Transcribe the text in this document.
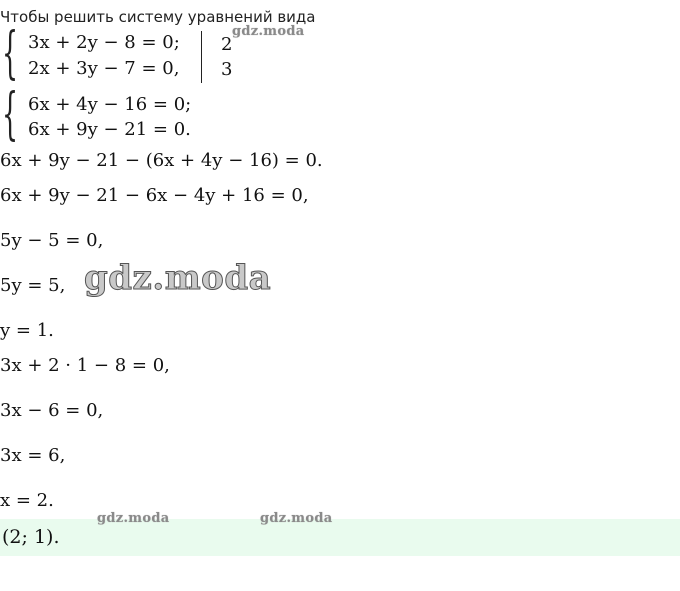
Чтобы решить систему уравнений вида
{ 3x + 2y − 8 = 0;
2x + 3y − 7 = 0,
2
3
gdz.moda
{ 6x + 4y − 16 = 0;
6x + 9y − 21 = 0.
6x + 9y − 21 − (6x + 4y − 16) = 0.
6x + 9y − 21 − 6x − 4y + 16 = 0,
5y − 5 = 0,
5y = 5, gdz.moda
y = 1.
3x + 2 · 1 − 8 = 0,
3x − 6 = 0,
3x = 6,
x = 2.
(2; 1).
gdz.moda	gdz.moda
